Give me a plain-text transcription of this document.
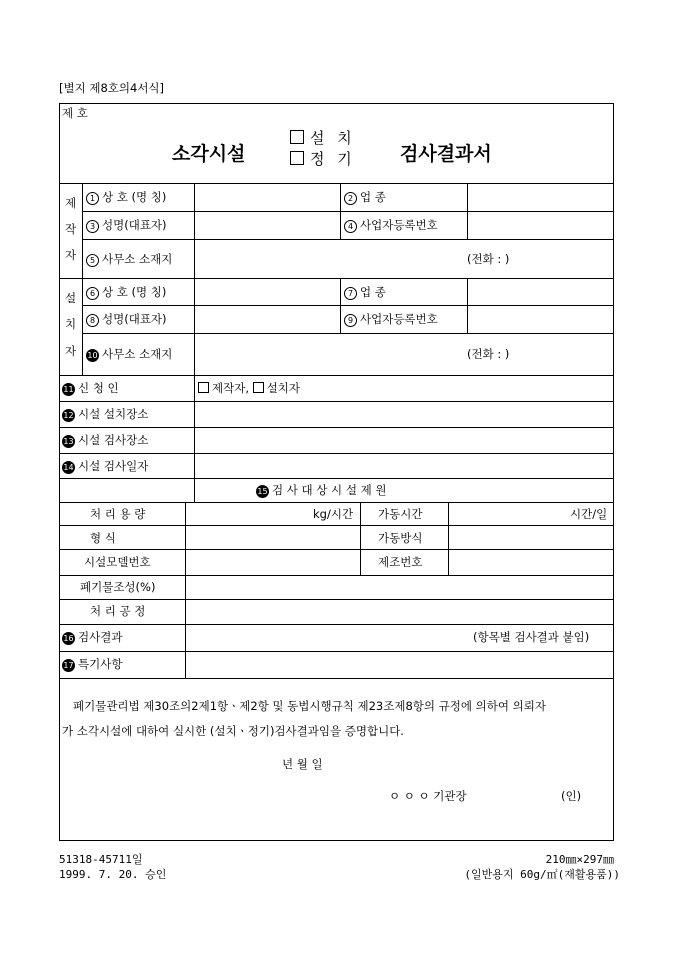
[별지 제8호의4서식]
제 호
소각시설
설 치
정 기 검사결과서
제
작
자
1 상 호 (명 칭)	2 업 종
3 성명(대표자)	4 사업자등록번호
5 사무소 소재지	(전화 : )
설
치
자
6 상 호 (명 칭)	7 업 종
8 성명(대표자)	9 사업자등록번호
10 사무소 소재지	(전화 : )
11 신 청 인	제작자, 설치자
12 시설 설치장소
13 시설 검사장소
14 시설 검사일자
15 검 사 대 상 시 설 제 원
처 리 용 량	kg/시간 가동시간	시간/일
형 식	가동방식
시설모델번호	제조번호
폐기물조성(%)
처 리 공 정
16 검사결과	(항목별 검사결과 붙임)
17 특기사항
폐기물관리법 제30조의2제1항ㆍ제2항 및 동법시행규칙 제23조제8항의 규정에 의하여 의뢰자
가 소각시설에 대하여 실시한 (설치ㆍ정기)검사결과임을 증명합니다.
년 월 일
ㅇ ㅇ ㅇ 기관장	(인)
51318-45711일
1999. 7. 20. 승인
210㎜×297㎜
(일반용지 60g/㎡(재활용품))
